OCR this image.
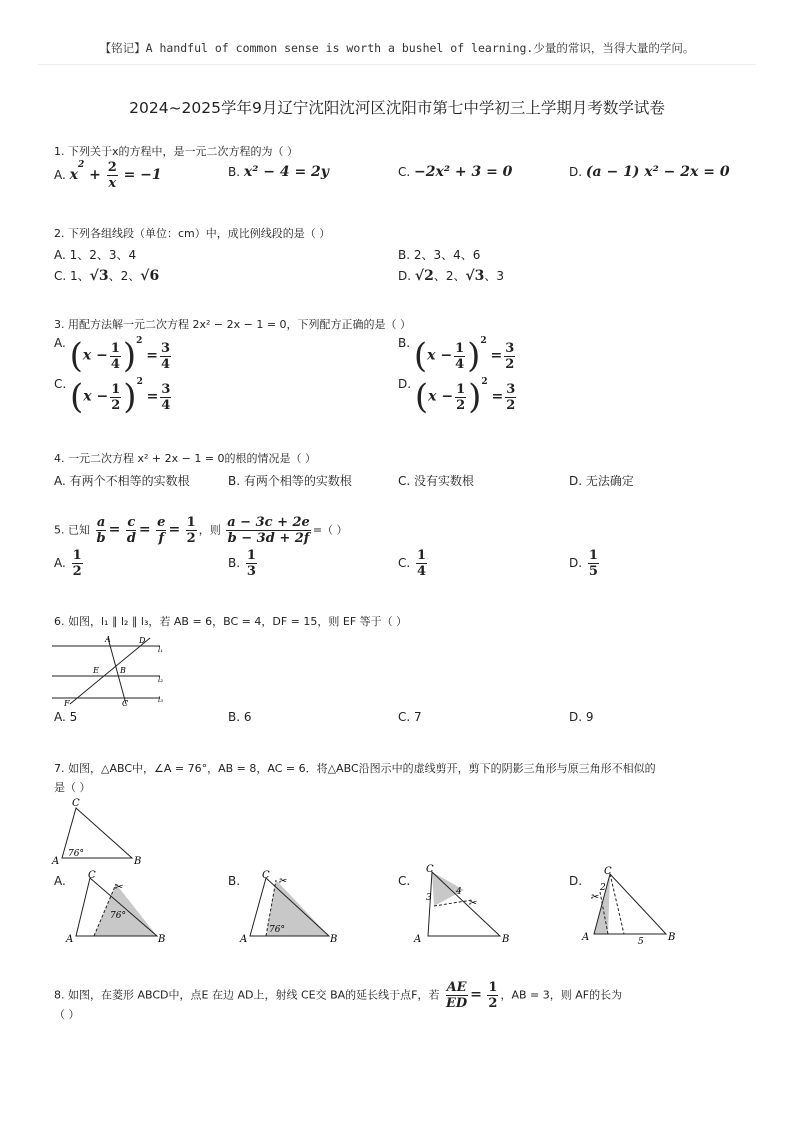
【铭记】A handful of common sense is worth a bushel of learning.少量的常识，当得大量的学问。
2024~2025学年9月辽宁沈阳沈河区沈阳市第七中学初三上学期月考数学试卷
1. 下列关于x的方程中，是一元二次方程的为（ ）
A. $x^2 + \frac{2}{x} = -1$	B. x² − 4 = 2y	C. −2x² + 3 = 0	D. (a − 1) x² − 2x = 0
2. 下列各组线段（单位：cm）中，成比例线段的是（ ）
A. 1、2、3、4	B. 2、3、4、6
C. 1、√3、2、√6	D. √2、2、√3、3
3. 用配方法解一元二次方程 2x² − 2x − 1 = 0，下列配方正确的是（ ）
A. $(x - \frac{1}{4} )^2 = \frac{3}{4}$	B. $(x - \frac{1}{4} )^2 = \frac{3}{2}$
C. $(x - \frac{1}{2} )^2 = \frac{3}{4}$	D. $(x - \frac{1}{2} )^2 = \frac{3}{2}$
4. 一元二次方程 x² + 2x − 1 = 0的根的情况是（ ）
A. 有两个不相等的实数根	B. 有两个相等的实数根	C. 没有实数根	D. 无法确定
5. 已知 $\frac{a}{b} = \frac{c}{d} = \frac{e}{f} = \frac{1}{2}$ ，则 $\frac{a - 3c + 2e}{b - 3d + 2f}$ =（ ）
A. $\frac{1}{2}$	B. $\frac{1}{3}$	C. $\frac{1}{4}$	D. $\frac{1}{5}$
6. 如图，l₁ ∥ l₂ ∥ l₃，若 AB = 6，BC = 4，DF = 15，则 EF 等于（ ）
A	D
E	B
F	C
l₁
l₂
l₃
A. 5	B. 6	C. 7	D. 9
7. 如图，△ABC中，∠A = 76°，AB = 8，AC = 6．将△ABC沿图示中的虚线剪开，剪下的阴影三角形与原三角形不相似的
是（ ）
A	B
C
76°
A.
A	B
C
76°
✂	B.
A	B
C
76°
✂	C.
A	B
C
3
4
✂
D.
A	B
C
2
5
✂
8. 如图，在菱形 ABCD中，点E 在边 AD上，射线 CE交 BA的延长线于点F，若 $\frac{AE}{ED} = \frac{1}{2}$ ，AB = 3，则 AF的长为
（ ）
